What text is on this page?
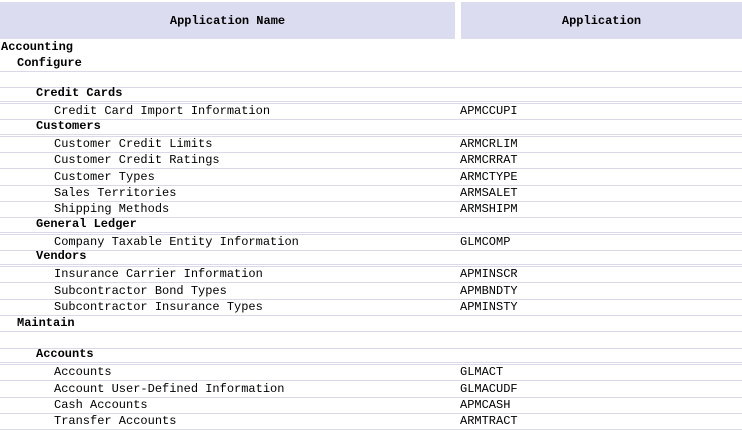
Application Name	Application
Accounting
Configure
Credit Cards
Credit Card Import Information	APMCCUPI
Customers
Customer Credit Limits	ARMCRLIM
Customer Credit Ratings	ARMCRRAT
Customer Types	ARMCTYPE
Sales Territories	ARMSALET
Shipping Methods	ARMSHIPM
General Ledger
Company Taxable Entity Information	GLMCOMP
Vendors
Insurance Carrier Information	APMINSCR
Subcontractor Bond Types	APMBNDTY
Subcontractor Insurance Types	APMINSTY
Maintain
Accounts
Accounts	GLMACT
Account User-Defined Information	GLMACUDF
Cash Accounts	APMCASH
Transfer Accounts	ARMTRACT
